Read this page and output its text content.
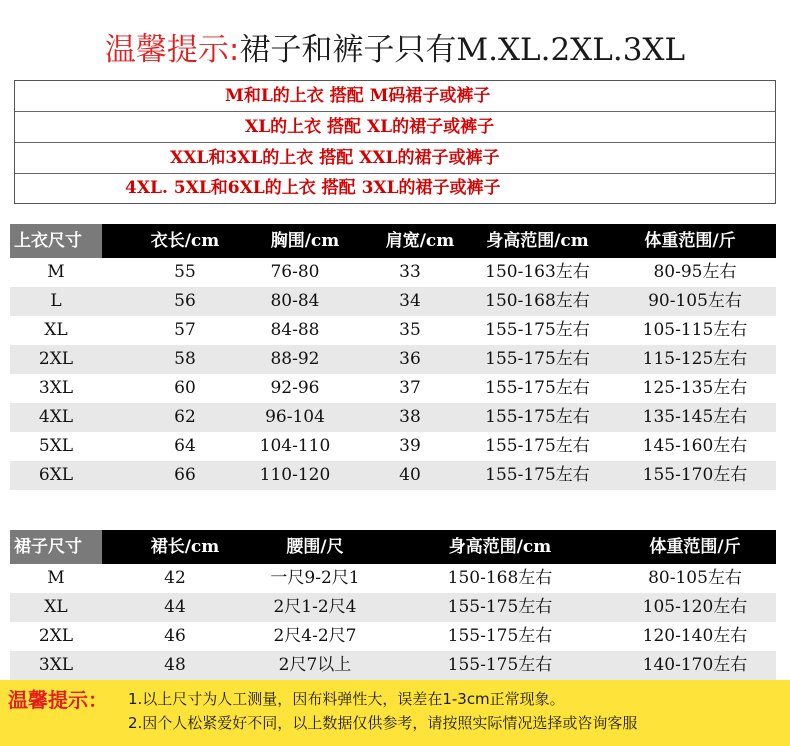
温馨提示:裙子和裤子只有M.XL.2XL.3XL
M和L的上衣 搭配 M码裙子或裤子
XL的上衣 搭配 XL的裙子或裤子
XXL和3XL的上衣 搭配 XXL的裙子或裤子
4XL. 5XL和6XL的上衣 搭配 3XL的裙子或裤子
上衣尺寸	衣长/cm	胸围/cm	肩宽/cm	身高范围/cm	体重范围/斤
M	55	76-80	33	150-163左右	80-95左右
L	56	80-84	34	150-168左右	90-105左右
XL	57	84-88	35	155-175左右	105-115左右
2XL	58	88-92	36	155-175左右	115-125左右
3XL	60	92-96	37	155-175左右	125-135左右
4XL	62	96-104	38	155-175左右	135-145左右
5XL	64	104-110	39	155-175左右	145-160左右
6XL	66	110-120	40	155-175左右	155-170左右
裙子尺寸	裙长/cm	腰围/尺	身高范围/cm	体重范围/斤
M	42	一尺9-2尺1	150-168左右	80-105左右
XL	44	2尺1-2尺4	155-175左右	105-120左右
2XL	46	2尺4-2尺7	155-175左右	120-140左右
3XL	48	2尺7以上	155-175左右	140-170左右
温馨提示： 1.以上尺寸为人工测量，因布料弹性大，误差在1-3cm正常现象。
2.因个人松紧爱好不同，以上数据仅供参考，请按照实际情况选择或咨询客服
